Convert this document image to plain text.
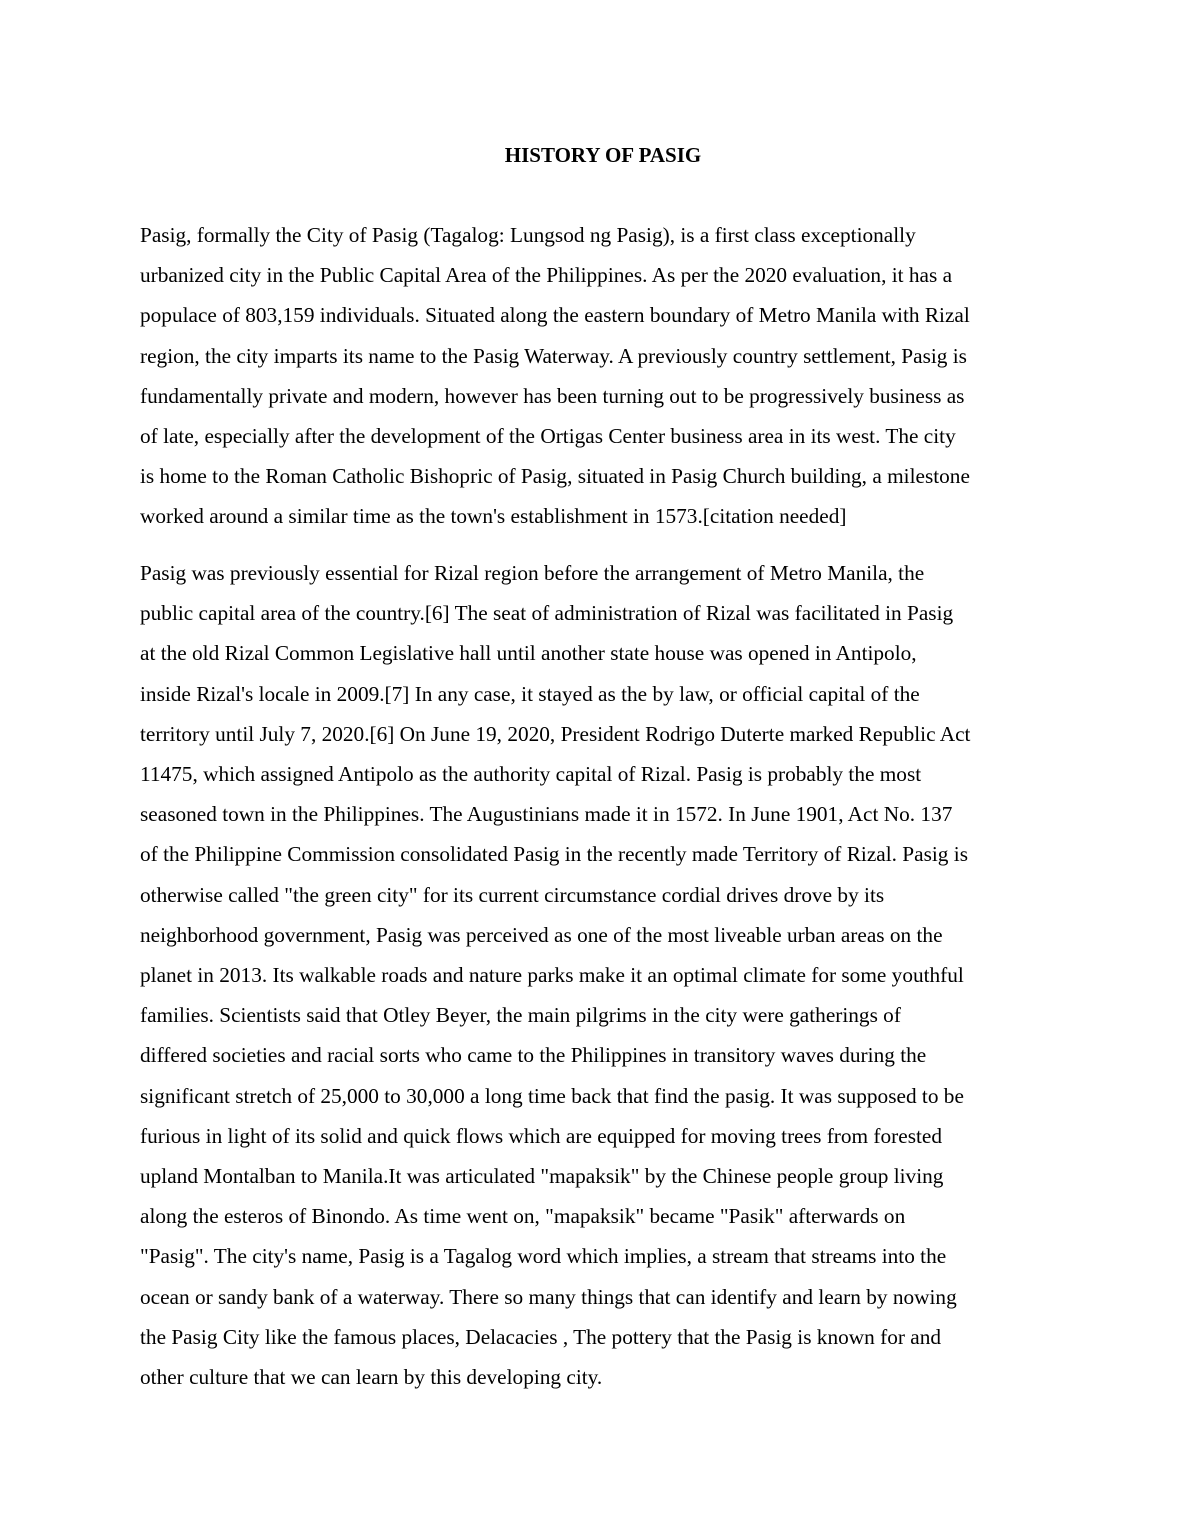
HISTORY OF PASIG

Pasig, formally the City of Pasig (Tagalog: Lungsod ng Pasig), is a first class exceptionally
urbanized city in the Public Capital Area of the Philippines. As per the 2020 evaluation, it has a
populace of 803,159 individuals. Situated along the eastern boundary of Metro Manila with Rizal
region, the city imparts its name to the Pasig Waterway. A previously country settlement, Pasig is
fundamentally private and modern, however has been turning out to be progressively business as
of late, especially after the development of the Ortigas Center business area in its west. The city
is home to the Roman Catholic Bishopric of Pasig, situated in Pasig Church building, a milestone
worked around a similar time as the town's establishment in 1573.[citation needed]

Pasig was previously essential for Rizal region before the arrangement of Metro Manila, the
public capital area of the country.[6] The seat of administration of Rizal was facilitated in Pasig
at the old Rizal Common Legislative hall until another state house was opened in Antipolo,
inside Rizal's locale in 2009.[7] In any case, it stayed as the by law, or official capital of the
territory until July 7, 2020.[6] On June 19, 2020, President Rodrigo Duterte marked Republic Act
11475, which assigned Antipolo as the authority capital of Rizal. Pasig is probably the most
seasoned town in the Philippines. The Augustinians made it in 1572. In June 1901, Act No. 137
of the Philippine Commission consolidated Pasig in the recently made Territory of Rizal. Pasig is
otherwise called "the green city" for its current circumstance cordial drives drove by its
neighborhood government, Pasig was perceived as one of the most liveable urban areas on the
planet in 2013. Its walkable roads and nature parks make it an optimal climate for some youthful
families. Scientists said that Otley Beyer, the main pilgrims in the city were gatherings of
differed societies and racial sorts who came to the Philippines in transitory waves during the
significant stretch of 25,000 to 30,000 a long time back that find the pasig. It was supposed to be
furious in light of its solid and quick flows which are equipped for moving trees from forested
upland Montalban to Manila.It was articulated "mapaksik" by the Chinese people group living
along the esteros of Binondo. As time went on, "mapaksik" became "Pasik" afterwards on
"Pasig". The city's name, Pasig is a Tagalog word which implies, a stream that streams into the
ocean or sandy bank of a waterway. There so many things that can identify and learn by nowing
the Pasig City like the famous places, Delacacies , The pottery that the Pasig is known for and
other culture that we can learn by this developing city.
